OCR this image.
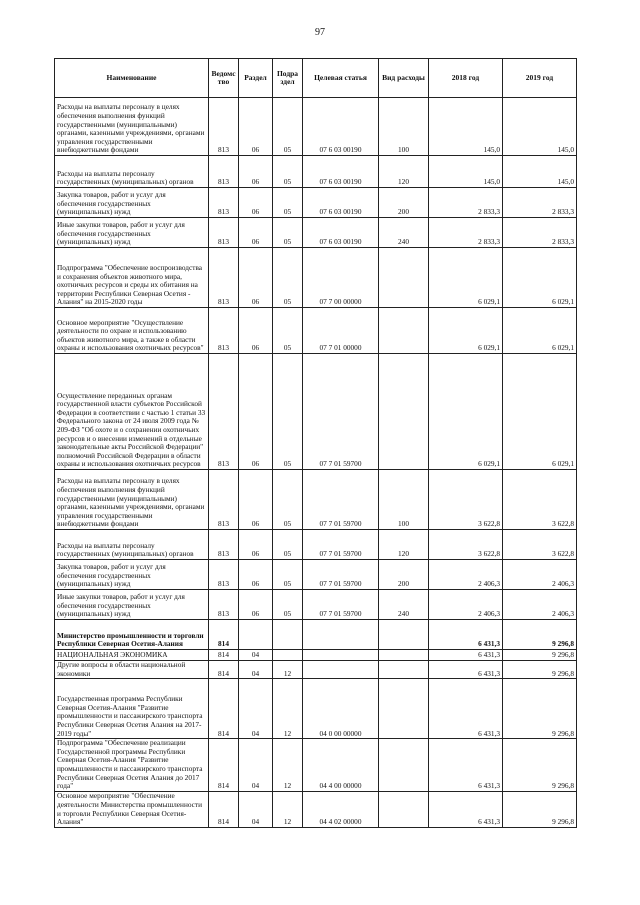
97
Наименование	Ведомс тво	Раздел	Подра здел	Целевая статья	Вид расходы	2018 год	2019 год
Расходы на выплаты персоналу в целях обеспечения выполнения функций государственными (муниципальными) органами, казенными учреждениями, органами управления государственными внебюджетными фондами	813	06	05	07 6 03 00190	100	145,0	145,0
Расходы на выплаты персоналу государственных (муниципальных) органов	813	06	05	07 6 03 00190	120	145,0	145,0
Закупка товаров, работ и услуг для обеспечения государственных (муниципальных) нужд	813	06	05	07 6 03 00190	200	2 833,3	2 833,3
Иные закупки товаров, работ и услуг для обеспечения государственных (муниципальных) нужд	813	06	05	07 6 03 00190	240	2 833,3	2 833,3
Подпрограмма "Обеспечение воспроизводства и сохранения объектов животного мира, охотничьих ресурсов и среды их обитания на территории Республики Северная Осетия - Алания" на 2015-2020 годы	813	06	05	07 7 00 00000		6 029,1	6 029,1
Основное мероприятие "Осуществление деятельности по охране и использованию объектов животного мира, а также в области охраны и использования охотничьих ресурсов"	813	06	05	07 7 01 00000		6 029,1	6 029,1
Осуществление переданных органам государственной власти субъектов Российской Федерации в соответствии с частью 1 статьи 33 Федерального закона от 24 июля 2009 года № 209-ФЗ "Об охоте и о сохранении охотничьих ресурсов и о внесении изменений в отдельные законодательные акты Российской Федерации" полномочий Российской Федерации в области охраны и использования охотничьих ресурсов	813	06	05	07 7 01 59700		6 029,1	6 029,1
Расходы на выплаты персоналу в целях обеспечения выполнения функций государственными (муниципальными) органами, казенными учреждениями, органами управления государственными внебюджетными фондами	813	06	05	07 7 01 59700	100	3 622,8	3 622,8
Расходы на выплаты персоналу государственных (муниципальных) органов	813	06	05	07 7 01 59700	120	3 622,8	3 622,8
Закупка товаров, работ и услуг для обеспечения государственных (муниципальных) нужд	813	06	05	07 7 01 59700	200	2 406,3	2 406,3
Иные закупки товаров, работ и услуг для обеспечения государственных (муниципальных) нужд	813	06	05	07 7 01 59700	240	2 406,3	2 406,3
Министерство промышленности и торговли Республики Северная Осетия-Алания	814					6 431,3	9 296,8
НАЦИОНАЛЬНАЯ ЭКОНОМИКА	814	04				6 431,3	9 296,8
Другие вопросы в области национальной экономики	814	04	12			6 431,3	9 296,8
Государственная программа Республики Северная Осетия-Алания "Развитие промышленности и пассажирского транспорта Республики Северная Осетия Алания на 2017-2019 годы"	814	04	12	04 0 00 00000		6 431,3	9 296,8
Подпрограмма "Обеспечение реализации Государственной программы Республики Северная Осетия-Алания "Развитие промышленности и пассажирского транспорта Республики Северная Осетия Алания до 2017 года"	814	04	12	04 4 00 00000		6 431,3	9 296,8
Основное мероприятие "Обеспечение деятельности Министерства промышленности и торговли Республики Северная Осетия-Алания"	814	04	12	04 4 02 00000		6 431,3	9 296,8
